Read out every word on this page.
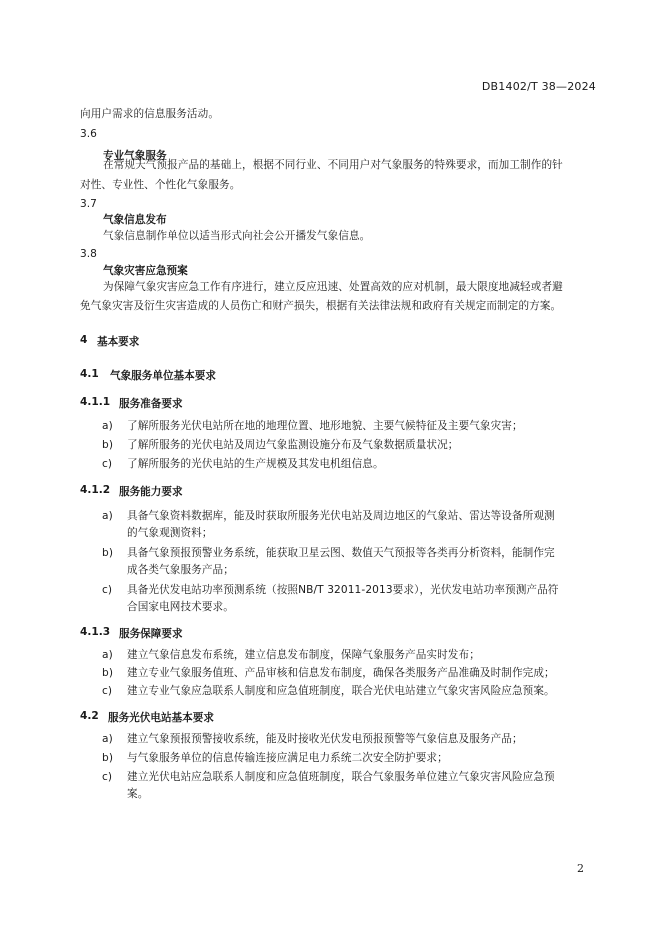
DB1402/T 38—2024
向用户需求的信息服务活动。
3.6
专业气象服务
在常规天气预报产品的基础上，根据不同行业、不同用户对气象服务的特殊要求，而加工制作的针
对性、专业性、个性化气象服务。
3.7
气象信息发布
气象信息制作单位以适当形式向社会公开播发气象信息。
3.8
气象灾害应急预案
为保障气象灾害应急工作有序进行，建立反应迅速、处置高效的应对机制，最大限度地减轻或者避
免气象灾害及衍生灾害造成的人员伤亡和财产损失，根据有关法律法规和政府有关规定而制定的方案。
4 基本要求
4.1 气象服务单位基本要求
4.1.1 服务准备要求
a) 了解所服务光伏电站所在地的地理位置、地形地貌、主要气候特征及主要气象灾害；
b) 了解所服务的光伏电站及周边气象监测设施分布及气象数据质量状况；
c) 了解所服务的光伏电站的生产规模及其发电机组信息。
4.1.2 服务能力要求
a) 具备气象资料数据库，能及时获取所服务光伏电站及周边地区的气象站、雷达等设备所观测
的气象观测资料；
b) 具备气象预报预警业务系统，能获取卫星云图、数值天气预报等各类再分析资料，能制作完
成各类气象服务产品；
c) 具备光伏发电站功率预测系统（按照NB/T 32011-2013要求），光伏发电站功率预测产品符
合国家电网技术要求。
4.1.3 服务保障要求
a) 建立气象信息发布系统，建立信息发布制度，保障气象服务产品实时发布；
b) 建立专业气象服务值班、产品审核和信息发布制度，确保各类服务产品准确及时制作完成；
c) 建立专业气象应急联系人制度和应急值班制度，联合光伏电站建立气象灾害风险应急预案。
4.2 服务光伏电站基本要求
a) 建立气象预报预警接收系统，能及时接收光伏发电预报预警等气象信息及服务产品；
b) 与气象服务单位的信息传输连接应满足电力系统二次安全防护要求；
c) 建立光伏电站应急联系人制度和应急值班制度，联合气象服务单位建立气象灾害风险应急预
案。
2
